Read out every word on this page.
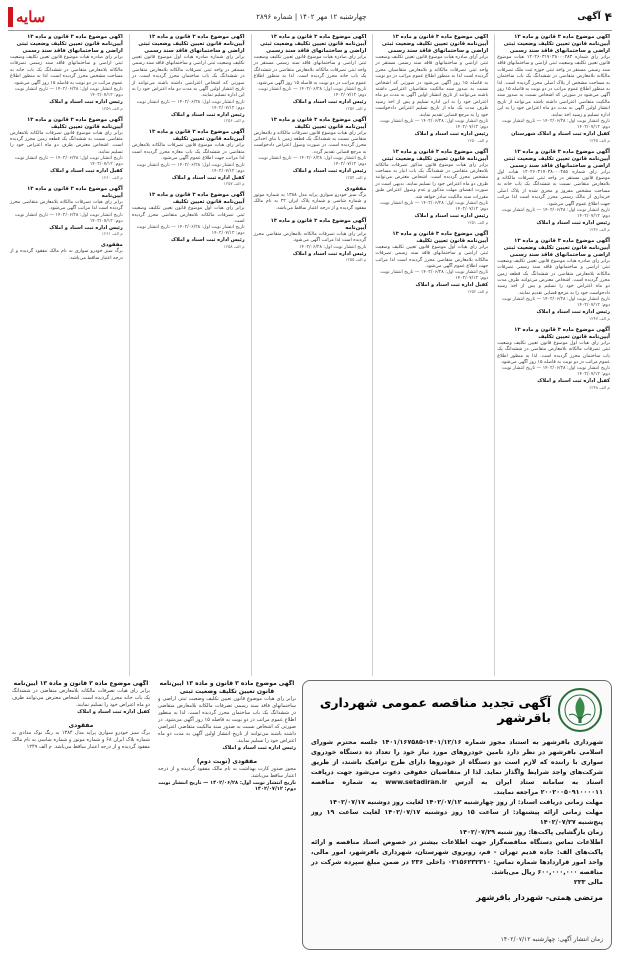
۴
آگهی
چهارشنبه ۱۲ مهر ۱۴۰۲ | شماره ۲۸۹۶
سایه
آگهی موضوع ماده ۳ قانون و ماده ۱۳ آیین‌نامه قانون تعیین تکلیف وضعیت ثبتی اراضی و ساختمانهای فاقد سند رسمی
برابر رای شماره ۱۴۰۲۶۰۳۱۷۰۳۸۰۰۰۴۸۳ هیات موضوع قانون تعیین تکلیف وضعیت ثبتی اراضی و ساختمانهای فاقد سند رسمی مستقر در واحد ثبتی حوزه ثبت ملک تصرفات مالکانه بلامعارض متقاضی در ششدانگ یک باب ساختمان به مساحت مشخص از پلاک اصلی محرز گردیده است. لذا به منظور اطلاع عموم مراتب در دو نوبت به فاصله ۱۵ روز آگهی می‌شود در صورتی که اشخاص نسبت به صدور سند مالکیت متقاضی اعتراضی داشته باشند می‌توانند از تاریخ انتشار اولین آگهی به مدت دو ماه اعتراض خود را به این اداره تسلیم و رسید اخذ نمایند.
تاریخ انتشار نوبت اول: ۱۴۰۲/۰۶/۲۸ — تاریخ انتشار نوبت دوم: ۱۴۰۲/۰۷/۱۲
کفیل اداره ثبت اسناد و املاک شهرستان
م الف ۱۲۴۵
آگهی موضوع ماده ۳ قانون و ماده ۱۳ آیین‌نامه قانون تعیین تکلیف وضعیت ثبتی اراضی و ساختمانهای فاقد سند رسمی
برابر رای شماره ۱۴۰۲۶۰۳۱۷۰۳۸۰۰۰۴۸۵ هیات اول موضوع قانون مستقر در واحد ثبتی تصرفات مالکانه و بلامعارض متقاضی نسبت به ششدانگ یک باب خانه به مساحت مشخص مفروز و مجزی شده از پلاک اصلی خریداری از مالک رسمی محرز گردیده است لذا مراتب جهت اطلاع عموم آگهی می‌شود.
تاریخ انتشار نوبت اول: ۱۴۰۲/۰۶/۲۸ — تاریخ انتشار نوبت دوم: ۱۴۰۲/۰۷/۱۲
رئیس اداره ثبت اسناد و املاک
م الف ۱۲۴۶
آگهی موضوع ماده ۳ قانون و ماده ۱۳ آیین‌نامه قانون تعیین تکلیف وضعیت ثبتی اراضی و ساختمانهای فاقد سند رسمی
برابر رای صادره هیات موضوع قانون تعیین تکلیف وضعیت ثبتی اراضی و ساختمانهای فاقد سند رسمی تصرفات مالکانه بلامعارض متقاضی در ششدانگ یک قطعه زمین محرز گردیده است. اشخاص معترض می‌توانند ظرف مدت دو ماه اعتراض خود را تسلیم و پس از اخذ رسید دادخواست خود را به مرجع قضایی تقدیم نمایند.
تاریخ انتشار نوبت اول: ۱۴۰۲/۰۶/۲۸ — تاریخ انتشار نوبت دوم: ۱۴۰۲/۰۷/۱۲
رئیس اداره ثبت اسناد و املاک
م الف ۱۲۴۷
آگهی موضوع ماده ۳ قانون و ماده ۱۳ آیین‌نامه قانون تعیین تکلیف
برابر رای هیات اول موضوع قانون تعیین تکلیف وضعیت ثبتی تصرفات مالکانه بلامعارض متقاضی در ششدانگ یک باب ساختمان محرز گردیده است. لذا به منظور اطلاع عموم مراتب در دو نوبت به فاصله ۱۵ روز آگهی می‌شود.
تاریخ انتشار نوبت اول: ۱۴۰۲/۰۶/۲۸ — تاریخ انتشار نوبت دوم: ۱۴۰۲/۰۷/۱۲
کفیل اداره ثبت اسناد و املاک
م الف ۱۲۴۸
آگهی موضوع ماده ۳ قانون و ماده ۱۳ آیین‌نامه قانون تعیین تکلیف وضعیت ثبتی اراضی و ساختمانهای فاقد سند رسمی
برابر آرای صادره هیات موضوع قانون تعیین تکلیف وضعیت ثبتی اراضی و ساختمانهای فاقد سند رسمی مستقر در واحد ثبتی تصرفات مالکانه و بلامعارض متقاضیان محرز گردیده است لذا به منظور اطلاع عموم مراتب در دو نوبت به فاصله ۱۵ روز آگهی می‌شود در صورتی که اشخاص نسبت به صدور سند مالکیت متقاضیان اعتراضی داشته باشند می‌توانند از تاریخ انتشار اولین آگهی به مدت دو ماه اعتراض خود را به این اداره تسلیم و پس از اخذ رسید ظرف مدت یک ماه از تاریخ تسلیم اعتراض دادخواست خود را به مرجع قضایی تقدیم نمایند.
تاریخ انتشار نوبت اول: ۱۴۰۲/۰۶/۲۸ — تاریخ انتشار نوبت دوم: ۱۴۰۲/۰۷/۱۲
رئیس اداره ثبت اسناد و املاک
م الف ۱۲۵۰
آگهی موضوع ماده ۳ قانون و ماده ۱۳ آیین‌نامه قانون تعیین تکلیف وضعیت ثبتی
برابر رای هیات موضوع قانون مذکور تصرفات مالکانه بلامعارض متقاضی در ششدانگ یک باب انبار به مساحت مشخص محرز گردیده است. اشخاص معترض می‌توانند ظرف دو ماه اعتراض خود را تسلیم نمایند. بدیهی است در صورت انقضای مهلت مذکور و عدم وصول اعتراض طبق مقررات سند مالکیت صادر خواهد شد.
تاریخ انتشار نوبت اول: ۱۴۰۲/۰۶/۲۸ — تاریخ انتشار نوبت دوم: ۱۴۰۲/۰۷/۱۲
رئیس اداره ثبت اسناد و املاک
م الف ۱۲۵۱
آگهی موضوع ماده ۳ قانون و ماده ۱۳ آیین‌نامه قانون تعیین تکلیف
برابر رای هیات اول موضوع قانون تعیین تکلیف وضعیت ثبتی اراضی و ساختمانهای فاقد سند رسمی تصرفات مالکانه بلامعارض متقاضی محرز گردیده است لذا مراتب جهت اطلاع عموم آگهی می‌شود.
تاریخ انتشار نوبت اول: ۱۴۰۲/۰۶/۲۸ — تاریخ انتشار نوبت دوم: ۱۴۰۲/۰۷/۱۲
کفیل اداره ثبت اسناد و املاک
م الف ۱۲۵۲
آگهی موضوع ماده ۳ قانون و ماده ۱۳ آیین‌نامه قانون تعیین تکلیف وضعیت ثبتی اراضی و ساختمانهای فاقد سند رسمی
برابر رای صادره هیات موضوع قانون تعیین تکلیف وضعیت ثبتی اراضی و ساختمانهای فاقد سند رسمی مستقر در واحد ثبتی تصرفات مالکانه بلامعارض متقاضی در ششدانگ یک باب خانه محرز گردیده است. لذا به منظور اطلاع عموم مراتب در دو نوبت به فاصله ۱۵ روز آگهی می‌شود.
تاریخ انتشار نوبت اول: ۱۴۰۲/۰۶/۲۸ — تاریخ انتشار نوبت دوم: ۱۴۰۲/۰۷/۱۲
رئیس اداره ثبت اسناد و املاک
م الف ۱۲۵۳
آگهی موضوع ماده ۳ قانون و ماده ۱۳ آیین‌نامه قانون تعیین تکلیف
برابر رای هیات موضوع قانون تصرفات مالکانه و بلامعارض متقاضی نسبت به ششدانگ یک قطعه زمین با بنای احداثی محرز گردیده است. در صورت وصول اعتراض دادخواست به مرجع قضایی تقدیم گردد.
تاریخ انتشار نوبت اول: ۱۴۰۲/۰۶/۲۸ — تاریخ انتشار نوبت دوم: ۱۴۰۲/۰۷/۱۲
رئیس اداره ثبت اسناد و املاک
م الف ۱۲۵۴
مفقودی
برگ سبز خودرو سواری پراید مدل ۱۳۸۸ به شماره موتور و شماره شاسی و شماره پلاک ایران ۲۲ به نام مالک مفقود گردیده و از درجه اعتبار ساقط می‌باشد.
آگهی موضوع ماده ۳ قانون و ماده ۱۳ آیین‌نامه
برابر رای هیات تصرفات مالکانه بلامعارض متقاضی محرز گردیده است لذا مراتب آگهی می‌شود.
تاریخ انتشار نوبت اول: ۱۴۰۲/۰۶/۲۸
رئیس اداره ثبت اسناد و املاک
م الف ۱۲۵۵
آگهی موضوع ماده ۳ قانون و ماده ۱۳ آیین‌نامه قانون تعیین تکلیف وضعیت ثبتی اراضی و ساختمانهای فاقد سند رسمی
برابر رای شماره صادره هیات اول موضوع قانون تعیین تکلیف وضعیت ثبتی اراضی و ساختمانهای فاقد سند رسمی مستقر در واحد ثبتی تصرفات مالکانه بلامعارض متقاضی در ششدانگ یک باب ساختمان محرز گردیده است. در صورتی که اشخاص اعتراضی داشته باشند می‌توانند از تاریخ انتشار اولین آگهی به مدت دو ماه اعتراض خود را به این اداره تسلیم نمایند.
تاریخ انتشار نوبت اول: ۱۴۰۲/۰۶/۲۸ — تاریخ انتشار نوبت دوم: ۱۴۰۲/۰۷/۱۲
رئیس اداره ثبت اسناد و املاک
م الف ۱۲۵۶
آگهی موضوع ماده ۳ قانون و ماده ۱۳ آیین‌نامه قانون تعیین تکلیف
برابر رای هیات موضوع قانون تصرفات مالکانه بلامعارض متقاضی در ششدانگ یک باب مغازه محرز گردیده است لذا مراتب جهت اطلاع عموم آگهی می‌شود.
تاریخ انتشار نوبت اول: ۱۴۰۲/۰۶/۲۸ — تاریخ انتشار نوبت دوم: ۱۴۰۲/۰۷/۱۲
کفیل اداره ثبت اسناد و املاک
م الف ۱۲۵۷
آگهی موضوع ماده ۳ قانون و ماده ۱۳ آیین‌نامه قانون تعیین تکلیف
برابر رای هیات اول موضوع قانون تعیین تکلیف وضعیت ثبتی تصرفات مالکانه بلامعارض متقاضی محرز گردیده است.
تاریخ انتشار نوبت اول: ۱۴۰۲/۰۶/۲۸ — تاریخ انتشار نوبت دوم: ۱۴۰۲/۰۷/۱۲
رئیس اداره ثبت اسناد و املاک
م الف ۱۲۵۸
آگهی موضوع ماده ۳ قانون و ماده ۱۳ آیین‌نامه قانون تعیین تکلیف وضعیت ثبتی اراضی و ساختمانهای فاقد سند رسمی
برابر رای صادره هیات موضوع قانون تعیین تکلیف وضعیت ثبتی اراضی و ساختمانهای فاقد سند رسمی تصرفات مالکانه بلامعارض متقاضی در ششدانگ یک باب خانه به مساحت مشخص محرز گردیده است. لذا به منظور اطلاع عموم مراتب در دو نوبت به فاصله ۱۵ روز آگهی می‌شود.
تاریخ انتشار نوبت اول: ۱۴۰۲/۰۶/۲۸ — تاریخ انتشار نوبت دوم: ۱۴۰۲/۰۷/۱۲
رئیس اداره ثبت اسناد و املاک
م الف ۱۲۵۹
آگهی موضوع ماده ۳ قانون و ماده ۱۳ آیین‌نامه قانون تعیین تکلیف
برابر رای هیات موضوع قانون تصرفات مالکانه بلامعارض متقاضی نسبت به ششدانگ یک قطعه زمین محرز گردیده است. اشخاص معترض ظرف دو ماه اعتراض خود را تسلیم نمایند.
تاریخ انتشار نوبت اول: ۱۴۰۲/۰۶/۲۸ — تاریخ انتشار نوبت دوم: ۱۴۰۲/۰۷/۱۲
کفیل اداره ثبت اسناد و املاک
م الف ۱۲۶۰
آگهی موضوع ماده ۳ قانون و ماده ۱۳ آیین‌نامه
برابر رای هیات تصرفات مالکانه بلامعارض متقاضی محرز گردیده است لذا مراتب آگهی می‌شود.
تاریخ انتشار نوبت اول: ۱۴۰۲/۰۶/۲۸ — تاریخ انتشار نوبت دوم: ۱۴۰۲/۰۷/۱۲
رئیس اداره ثبت اسناد و املاک
م الف ۱۲۶۱
مفقودی
برگ سبز خودرو سواری به نام مالک مفقود گردیده و از درجه اعتبار ساقط می‌باشد.
آگهی تجدید مناقصه عمومی شهرداری باقرشهر

شهرداری باقرشهر به استناد مجوز شماره ۱۴۰۱/۱۲/۱۶-۱۴۰۱/۱۶۷۵۸۵ جلسه محترم شورای اسلامی باقرشهر در نظر دارد تامین خودروهای مورد نیاز خود را تعداد ده دستگاه خودروی سواری با راننده که لازم است دو دستگاه از خودروها دارای طرح ترافیک باشند، از طریق شرکت‌های واجد شرایط واگذار نماید. لذا از متقاضیان حقوقی دعوت می‌شود جهت دریافت اسناد به سامانه ستاد ایران به آدرس www.setadiran.ir به شماره مناقصه ۲۰۰۲۰۰۵۰۹۱۰۰۰۰۱۱ مراجعه نمایند.

مهلت زمانی دریافت اسناد: از روز چهارشنبه ۱۴۰۲/۰۷/۱۲ لغایت روز دوشنبه ۱۴۰۲/۰۷/۱۷

مهلت زمانی ارائه پیشنهاد: از ساعت ۱۵ روز دوشنبه ۱۴۰۲/۰۷/۱۷ لغایت ساعت ۱۹ روز پنج‌شنبه ۱۴۰۲/۰۷/۲۷

زمان بازگشایی پاکت‌ها: روز شنبه ۱۴۰۲/۰۷/۲۹

اطلاعات تماس دستگاه مناقصه‌گزار جهت اطلاعات بیشتر در خصوص اسناد مناقصه و ارائه پاکت‌های الف: جاده قدیم تهران - قم، روبروی شهرستان، شهرداری باقرشهر، امور مالی، واحد امور قراردادها شماره تماس: ۰۲۱۵۶۲۳۲۳۱۰ داخلی ۲۳۶ در ضمن مبلغ سپرده شرکت در مناقصه ۶۰۰,۰۰۰,۰۰۰ ریال می‌باشد.

مالی ۲۳۳

مرتضی همتی- شهردار باقرشهر
زمان انتشار آگهی: چهارشنبه ۱۴۰۲/۰۷/۱۲
آگهی موضوع ماده ۳ قانون و ماده ۱۳ آیین‌نامه قانون تعیین تکلیف وضعیت ثبتی
برابر رای هیات موضوع قانون تعیین تکلیف وضعیت ثبتی اراضی و ساختمانهای فاقد سند رسمی تصرفات مالکانه بلامعارض متقاضی در ششدانگ یک باب ساختمان محرز گردیده است. لذا به منظور اطلاع عموم مراتب در دو نوبت به فاصله ۱۵ روز آگهی می‌شود. در صورتی که اشخاص نسبت به صدور سند مالکیت متقاضی اعتراضی داشته باشند می‌توانند از تاریخ انتشار اولین آگهی به مدت دو ماه اعتراض خود را تسلیم نمایند.
رئیس اداره ثبت اسناد و املاک
مفقودی (نوبت دوم)
مجوز صدور کارت بهداشت به نام مالک مفقود گردیده و از درجه اعتبار ساقط می‌باشد.
تاریخ انتشار نوبت اول: ۱۴۰۲/۰۶/۲۸ — تاریخ انتشار نوبت دوم: ۱۴۰۲/۰۷/۱۲
آگهی موضوع ماده ۳ قانون و ماده ۱۳ آیین‌نامه
برابر رای هیات تصرفات مالکانه بلامعارض متقاضی در ششدانگ یک باب خانه محرز گردیده است. اشخاص معترض می‌توانند ظرف دو ماه اعتراض خود را تسلیم نمایند.
کفیل اداره ثبت اسناد و املاک
مفقودی
برگ سبز خودرو سواری پراید مدل ۱۳۸۴ به رنگ نوک مدادی به شماره پلاک ایران ۶۸ و شماره موتور و شماره شاسی به نام مالک مفقود گردیده و از درجه اعتبار ساقط می‌باشد. م الف ۱۲۴۹
